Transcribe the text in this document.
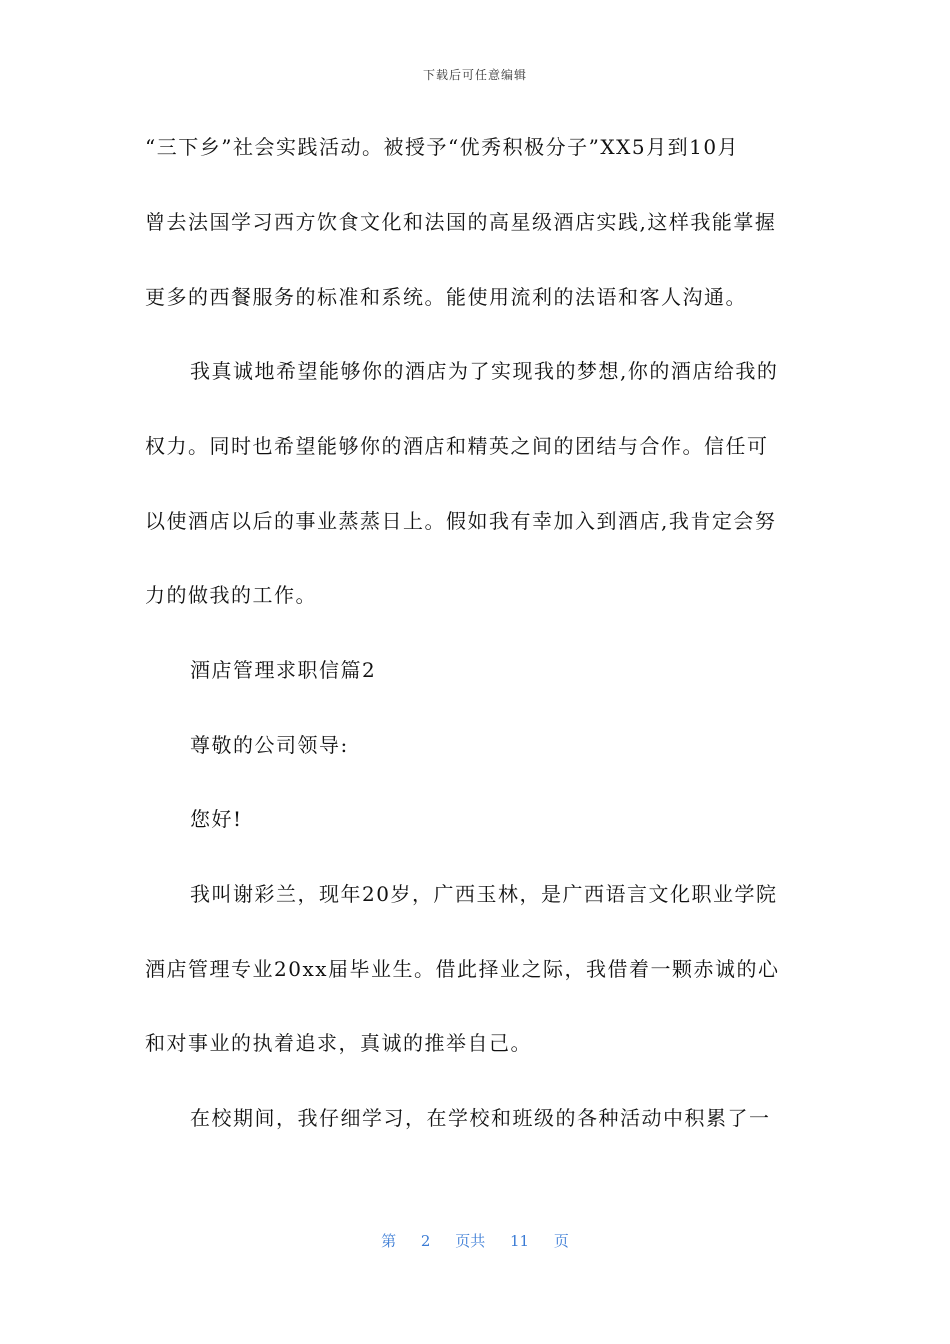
下载后可任意编辑
“三下乡”社会实践活动。被授予“优秀积极分子”XX5月到10月
曾去法国学习西方饮食文化和法国的高星级酒店实践,这样我能掌握
更多的西餐服务的标准和系统。能使用流利的法语和客人沟通。
我真诚地希望能够你的酒店为了实现我的梦想,你的酒店给我的
权力。同时也希望能够你的酒店和精英之间的团结与合作。信任可
以使酒店以后的事业蒸蒸日上。假如我有幸加入到酒店,我肯定会努
力的做我的工作。
酒店管理求职信篇2
尊敬的公司领导:
您好!
我叫谢彩兰，现年20岁，广西玉林，是广西语言文化职业学院
酒店管理专业20xx届毕业生。借此择业之际，我借着一颗赤诚的心
和对事业的执着追求，真诚的推举自己。
在校期间，我仔细学习，在学校和班级的各种活动中积累了一
第 2 页共 11 页
